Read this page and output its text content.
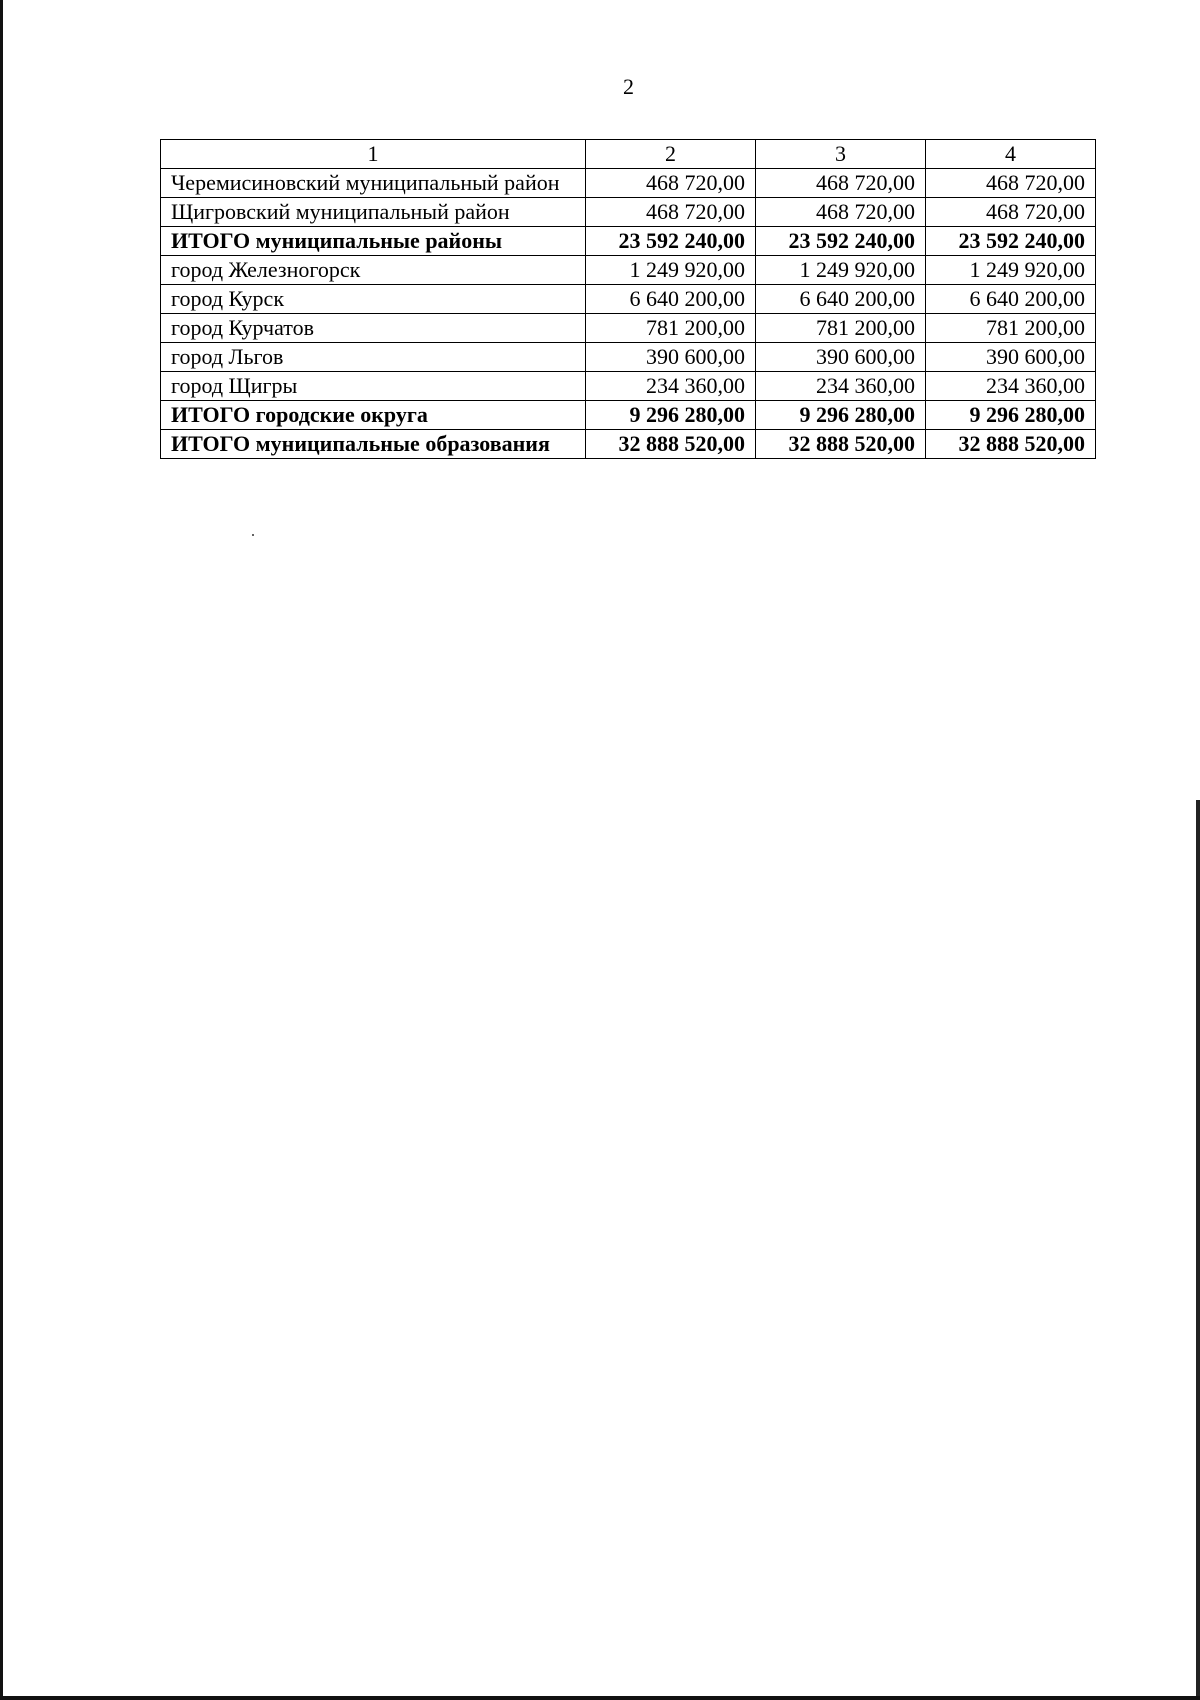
2
1	2	3	4
Черемисиновский муниципальный район	468 720,00	468 720,00	468 720,00
Щигровский муниципальный район	468 720,00	468 720,00	468 720,00
ИТОГО муниципальные районы	23 592 240,00	23 592 240,00	23 592 240,00
город Железногорск	1 249 920,00	1 249 920,00	1 249 920,00
город Курск	6 640 200,00	6 640 200,00	6 640 200,00
город Курчатов	781 200,00	781 200,00	781 200,00
город Льгов	390 600,00	390 600,00	390 600,00
город Щигры	234 360,00	234 360,00	234 360,00
ИТОГО городские округа	9 296 280,00	9 296 280,00	9 296 280,00
ИТОГО муниципальные образования	32 888 520,00	32 888 520,00	32 888 520,00
